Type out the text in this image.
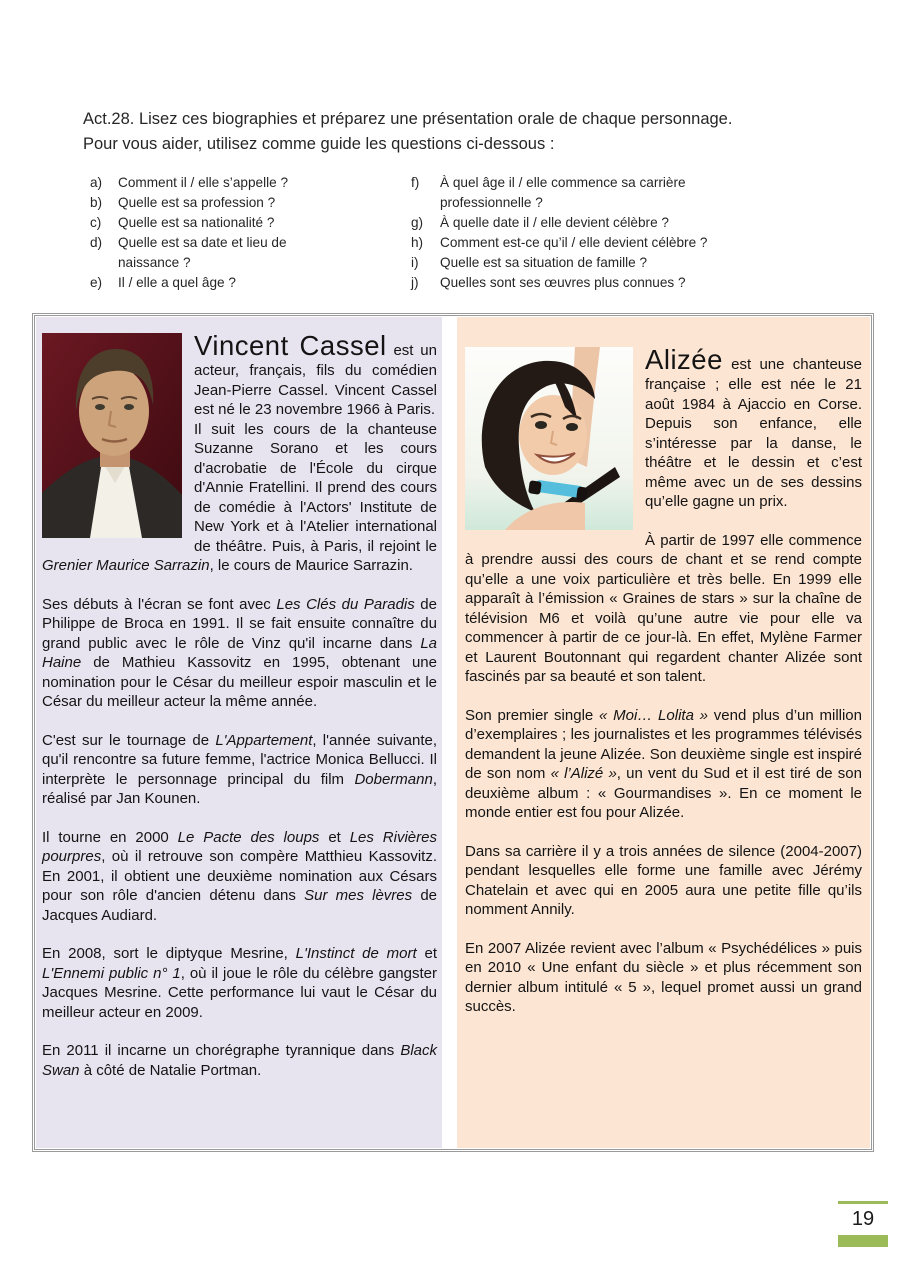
Act.28. Lisez ces biographies et préparez une présentation orale de chaque personnage.
Pour vous aider, utilisez comme guide les questions ci-dessous :
a)	Comment il / elle s’appelle ?
b)	Quelle est sa profession ?
c)	Quelle est sa nationalité ?
d)	Quelle est sa date et lieu de naissance ?
e)	Il / elle a quel âge ?
f)	À quel âge il / elle commence sa carrière professionnelle ?
g)	À quelle date il / elle devient célèbre ?
h)	Comment est-ce qu’il / elle devient célèbre ?
i)	Quelle est sa situation de famille ?
j)	Quelles sont ses œuvres plus connues ?

Vincent Cassel est un acteur, français, fils du comédien Jean-Pierre Cassel. Vincent Cassel est né le 23 novembre 1966 à Paris.

Il suit les cours de la chanteuse Suzanne Sorano et les cours d'acrobatie de l'École du cirque d'Annie Fratellini. Il prend des cours de comédie à l'Actors' Institute de New York et à l'Atelier international de théâtre. Puis, à Paris, il rejoint le Grenier Maurice Sarrazin, le cours de Maurice Sarrazin.

Ses débuts à l'écran se font avec Les Clés du Paradis de Philippe de Broca en 1991. Il se fait ensuite connaître du grand public avec le rôle de Vinz qu'il incarne dans La Haine de Mathieu Kassovitz en 1995, obtenant une nomination pour le César du meilleur espoir masculin et le César du meilleur acteur la même année.

C'est sur le tournage de L'Appartement, l'année suivante, qu'il rencontre sa future femme, l'actrice Monica Bellucci. Il interprète le personnage principal du film Dobermann, réalisé par Jan Kounen.

Il tourne en 2000 Le Pacte des loups et Les Rivières pourpres, où il retrouve son compère Matthieu Kassovitz. En 2001, il obtient une deuxième nomination aux Césars pour son rôle d'ancien détenu dans Sur mes lèvres de Jacques Audiard.

En 2008, sort le diptyque Mesrine, L'Instinct de mort et L'Ennemi public n° 1, où il joue le rôle du célèbre gangster Jacques Mesrine. Cette performance lui vaut le César du meilleur acteur en 2009.

En 2011 il incarne un chorégraphe tyrannique dans Black Swan à côté de Natalie Portman.

Alizée est une chanteuse française ; elle est née le 21 août 1984 à Ajaccio en Corse. Depuis son enfance, elle s’intéresse par la danse, le théâtre et le dessin et c’est même avec un de ses dessins qu’elle gagne un prix.

À partir de 1997 elle commence à prendre aussi des cours de chant et se rend compte qu’elle a une voix particulière et très belle. En 1999 elle apparaît à l’émission « Graines de stars » sur la chaîne de télévision M6 et voilà qu’une autre vie pour elle va commencer à partir de ce jour-là. En effet, Mylène Farmer et Laurent Boutonnant qui regardent chanter Alizée sont fascinés par sa beauté et son talent.

Son premier single « Moi… Lolita » vend plus d’un million d’exemplaires ; les journalistes et les programmes télévisés demandent la jeune Alizée. Son deuxième single est inspiré de son nom « l’Alizé », un vent du Sud et il est tiré de son deuxième album : « Gourmandises ». En ce moment le monde entier est fou pour Alizée.

Dans sa carrière il y a trois années de silence (2004-2007) pendant lesquelles elle forme une famille avec Jérémy Chatelain et avec qui en 2005 aura une petite fille qu’ils nomment Annily.

En 2007 Alizée revient avec l’album « Psychédélices » puis en 2010 « Une enfant du siècle » et plus récemment son dernier album intitulé « 5 », lequel promet aussi un grand succès.

19
